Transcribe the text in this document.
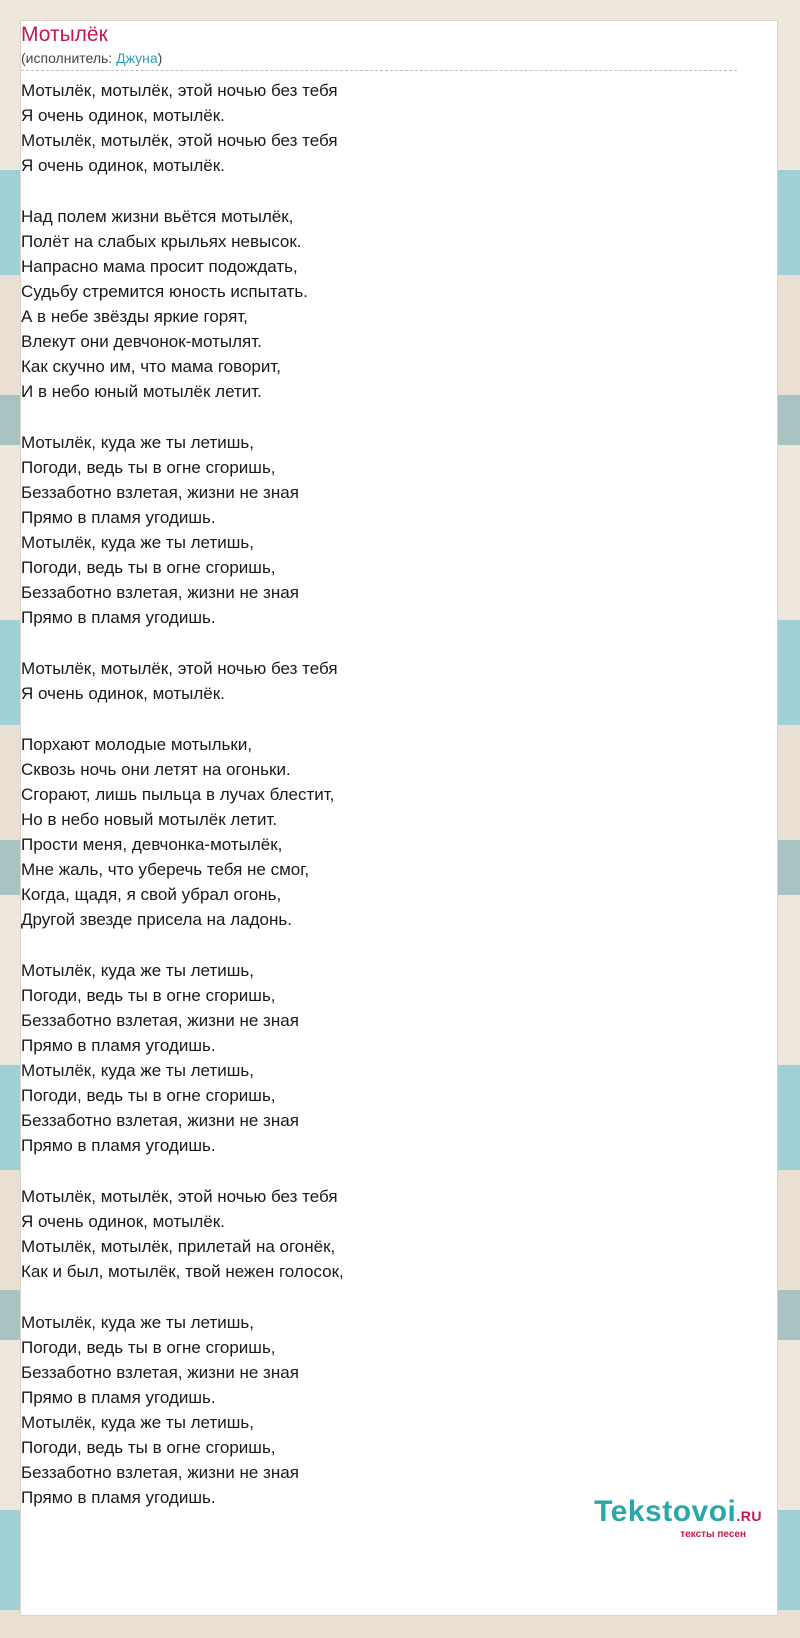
Мотылёк
(исполнитель: Джуна)
Мотылёк, мотылёк, этой ночью без тебя
Я очень одинок, мотылёк.
Мотылёк, мотылёк, этой ночью без тебя
Я очень одинок, мотылёк.
Над полем жизни вьётся мотылёк,
Полёт на слабых крыльях невысок.
Напрасно мама просит подождать,
Судьбу стремится юность испытать.
А в небе звёзды яркие горят,
Влекут они девчонок-мотылят.
Как скучно им, что мама говорит,
И в небо юный мотылёк летит.
Мотылёк, куда же ты летишь,
Погоди, ведь ты в огне сгоришь,
Беззаботно взлетая, жизни не зная
Прямо в пламя угодишь.
Мотылёк, куда же ты летишь,
Погоди, ведь ты в огне сгоришь,
Беззаботно взлетая, жизни не зная
Прямо в пламя угодишь.
Мотылёк, мотылёк, этой ночью без тебя
Я очень одинок, мотылёк.
Порхают молодые мотыльки,
Сквозь ночь они летят на огоньки.
Сгорают, лишь пыльца в лучах блестит,
Но в небо новый мотылёк летит.
Прости меня, девчонка-мотылёк,
Мне жаль, что уберечь тебя не смог,
Когда, щадя, я свой убрал огонь,
Другой звезде присела на ладонь.
Мотылёк, куда же ты летишь,
Погоди, ведь ты в огне сгоришь,
Беззаботно взлетая, жизни не зная
Прямо в пламя угодишь.
Мотылёк, куда же ты летишь,
Погоди, ведь ты в огне сгоришь,
Беззаботно взлетая, жизни не зная
Прямо в пламя угодишь.
Мотылёк, мотылёк, этой ночью без тебя
Я очень одинок, мотылёк.
Мотылёк, мотылёк, прилетай на огонёк,
Как и был, мотылёк, твой нежен голосок,
Мотылёк, куда же ты летишь,
Погоди, ведь ты в огне сгоришь,
Беззаботно взлетая, жизни не зная
Прямо в пламя угодишь.
Мотылёк, куда же ты летишь,
Погоди, ведь ты в огне сгоришь,
Беззаботно взлетая, жизни не зная
Прямо в пламя угодишь.	Tekstovoi.RU
тексты песен
